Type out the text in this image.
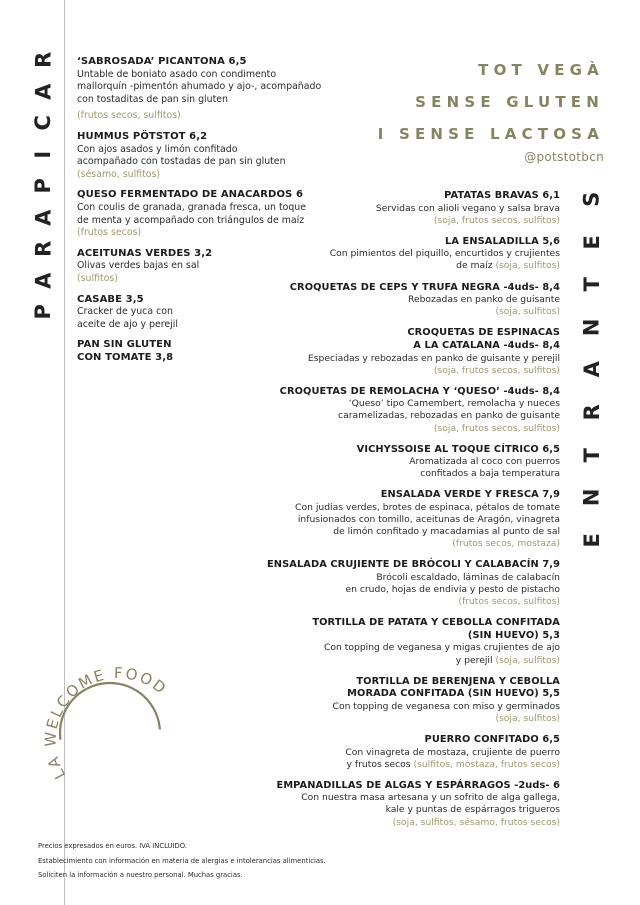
P
A
R
A
P
I
C
A
R
E
N
T
R
A
N
T
E
S
TOT VEGÀ
SENSE GLUTEN
I SENSE LACTOSA
@potstotbcn
‘SABROSADA’ PICANTONA 6,5
Untable de boniato asado con condimento
mallorquín -pimentón ahumado y ajo-, acompañado
con tostaditas de pan sin gluten
(frutos secos, sulfitos)
HUMMUS PÖTSTOT 6,2
Con ajos asados y limón confitado
acompañado con tostadas de pan sin gluten
(sésamo, sulfitos)
QUESO FERMENTADO DE ANACARDOS 6
Con coulis de granada, granada fresca, un toque
de menta y acompañado con triángulos de maíz
(frutos secos)
ACEITUNAS VERDES 3,2
Olivas verdes bajas en sal
(sulfitos)
CASABE 3,5
Cracker de yuca con
aceite de ajo y perejil
PAN SIN GLUTEN
CON TOMATE 3,8
PATATAS BRAVAS 6,1
Servidas con alioli vegano y salsa brava
(soja, frutos secos, sulfitos)
LA ENSALADILLA 5,6
Con pimientos del piquillo, encurtidos y crujientes
de maíz (soja, sulfitos)
CROQUETAS DE CEPS Y TRUFA NEGRA -4uds- 8,4
Rebozadas en panko de guisante
(soja, sulfitos)
CROQUETAS DE ESPINACAS
A LA CATALANA -4uds- 8,4
Especiadas y rebozadas en panko de guisante y perejil
(soja, frutos secos, sulfitos)
CROQUETAS DE REMOLACHA Y ‘QUESO’ -4uds- 8,4
‘Queso’ tipo Camembert, remolacha y nueces
caramelizadas, rebozadas en panko de guisante
(soja, frutos secos, sulfitos)
VICHYSSOISE AL TOQUE CÍTRICO 6,5
Aromatizada al coco con puerros
confitados a baja temperatura
ENSALADA VERDE Y FRESCA 7,9
Con judías verdes, brotes de espinaca, pétalos de tomate
infusionados con tomillo, aceitunas de Aragón, vinagreta
de limón confitado y macadamias al punto de sal
(frutos secos, mostaza)
ENSALADA CRUJIENTE DE BRÓCOLI Y CALABACÍN 7,9
Brócoli escaldado, láminas de calabacín
en crudo, hojas de endivia y pesto de pistacho
(frutos secos, sulfitos)
TORTILLA DE PATATA Y CEBOLLA CONFITADA
(SIN HUEVO) 5,3
Con topping de veganesa y migas crujientes de ajo
y perejil (soja, sulfitos)
TORTILLA DE BERENJENA Y CEBOLLA
MORADA CONFITADA (SIN HUEVO) 5,5
Con topping de veganesa con miso y germinados
(soja, sulfitos)
PUERRO CONFITADO 6,5
Con vinagreta de mostaza, crujiente de puerro
y frutos secos (sulfitos, mostaza, frutos secos)
EMPANADILLAS DE ALGAS Y ESPÁRRAGOS -2uds- 6
Con nuestra masa artesana y un sofrito de alga gallega,
kale y puntas de espárragos trigueros
(soja, sulfitos, sésamo, frutos secos)
LA WELCOME FOOD
Precios expresados en euros. IVA INCLUIDO.
Establecimiento con información en materia de alergias e intolerancias alimenticias.
Soliciten la información a nuestro personal. Muchas gracias.
